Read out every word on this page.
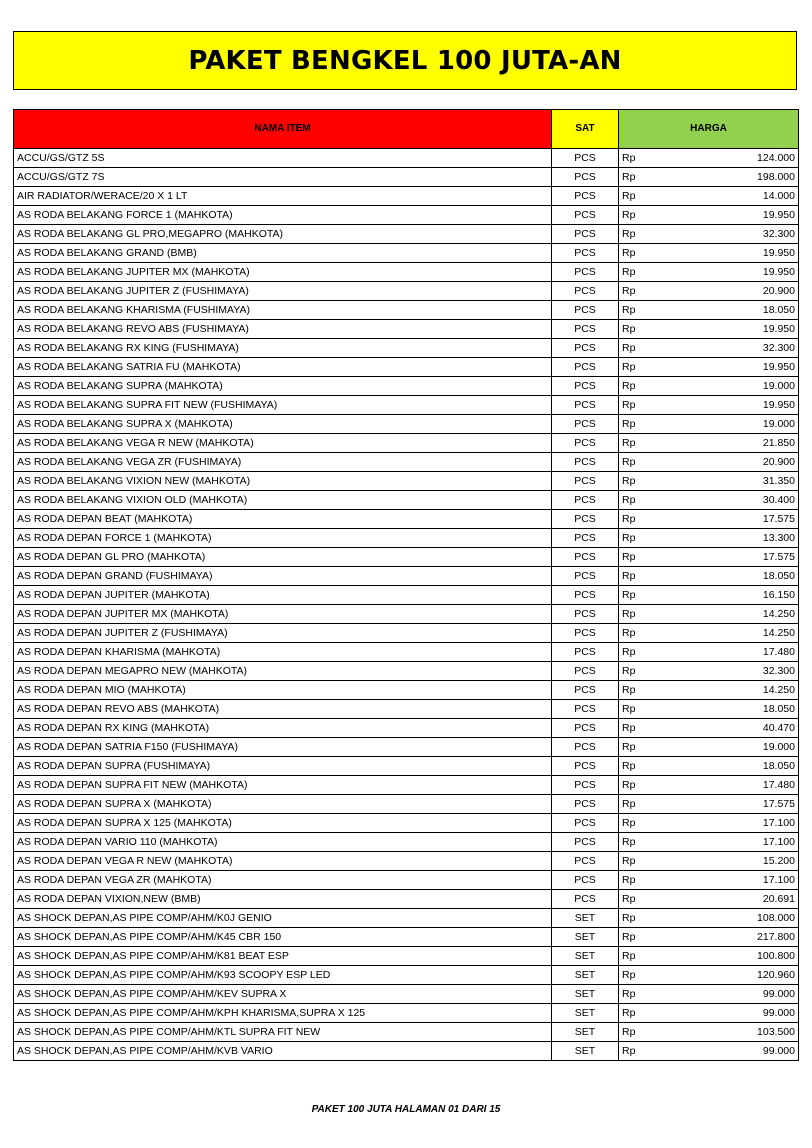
PAKET BENGKEL 100 JUTA-AN
NAMA ITEM	SAT	HARGA
ACCU/GS/GTZ 5S	PCS	Rp 124.000

ACCU/GS/GTZ 7S	PCS	Rp 198.000

AIR RADIATOR/WERACE/20 X 1 LT	PCS	Rp 14.000

AS RODA BELAKANG FORCE 1 (MAHKOTA)	PCS	Rp 19.950

AS RODA BELAKANG GL PRO,MEGAPRO (MAHKOTA)	PCS	Rp 32.300

AS RODA BELAKANG GRAND (BMB)	PCS	Rp 19.950

AS RODA BELAKANG JUPITER MX (MAHKOTA)	PCS	Rp 19.950

AS RODA BELAKANG JUPITER Z (FUSHIMAYA)	PCS	Rp 20.900

AS RODA BELAKANG KHARISMA (FUSHIMAYA)	PCS	Rp 18.050

AS RODA BELAKANG REVO ABS (FUSHIMAYA)	PCS	Rp 19.950

AS RODA BELAKANG RX KING (FUSHIMAYA)	PCS	Rp 32.300

AS RODA BELAKANG SATRIA FU (MAHKOTA)	PCS	Rp 19.950

AS RODA BELAKANG SUPRA (MAHKOTA)	PCS	Rp 19.000

AS RODA BELAKANG SUPRA FIT NEW (FUSHIMAYA)	PCS	Rp 19.950

AS RODA BELAKANG SUPRA X (MAHKOTA)	PCS	Rp 19.000

AS RODA BELAKANG VEGA R NEW (MAHKOTA)	PCS	Rp 21.850

AS RODA BELAKANG VEGA ZR (FUSHIMAYA)	PCS	Rp 20.900

AS RODA BELAKANG VIXION NEW (MAHKOTA)	PCS	Rp 31.350

AS RODA BELAKANG VIXION OLD (MAHKOTA)	PCS	Rp 30.400

AS RODA DEPAN BEAT (MAHKOTA)	PCS	Rp 17.575

AS RODA DEPAN FORCE 1 (MAHKOTA)	PCS	Rp 13.300

AS RODA DEPAN GL PRO (MAHKOTA)	PCS	Rp 17.575

AS RODA DEPAN GRAND (FUSHIMAYA)	PCS	Rp 18.050

AS RODA DEPAN JUPITER (MAHKOTA)	PCS	Rp 16.150

AS RODA DEPAN JUPITER MX (MAHKOTA)	PCS	Rp 14.250

AS RODA DEPAN JUPITER Z (FUSHIMAYA)	PCS	Rp 14.250

AS RODA DEPAN KHARISMA (MAHKOTA)	PCS	Rp 17.480

AS RODA DEPAN MEGAPRO NEW (MAHKOTA)	PCS	Rp 32.300

AS RODA DEPAN MIO (MAHKOTA)	PCS	Rp 14.250

AS RODA DEPAN REVO ABS (MAHKOTA)	PCS	Rp 18.050

AS RODA DEPAN RX KING (MAHKOTA)	PCS	Rp 40.470

AS RODA DEPAN SATRIA F150 (FUSHIMAYA)	PCS	Rp 19.000

AS RODA DEPAN SUPRA (FUSHIMAYA)	PCS	Rp 18.050

AS RODA DEPAN SUPRA FIT NEW (MAHKOTA)	PCS	Rp 17.480

AS RODA DEPAN SUPRA X (MAHKOTA)	PCS	Rp 17.575

AS RODA DEPAN SUPRA X 125 (MAHKOTA)	PCS	Rp 17.100

AS RODA DEPAN VARIO 110 (MAHKOTA)	PCS	Rp 17.100

AS RODA DEPAN VEGA R NEW (MAHKOTA)	PCS	Rp 15.200

AS RODA DEPAN VEGA ZR (MAHKOTA)	PCS	Rp 17.100

AS RODA DEPAN VIXION,NEW (BMB)	PCS	Rp 20.691

AS SHOCK DEPAN,AS PIPE COMP/AHM/K0J GENIO	SET	Rp 108.000

AS SHOCK DEPAN,AS PIPE COMP/AHM/K45 CBR 150	SET	Rp 217.800

AS SHOCK DEPAN,AS PIPE COMP/AHM/K81 BEAT ESP	SET	Rp 100.800

AS SHOCK DEPAN,AS PIPE COMP/AHM/K93 SCOOPY ESP LED	SET	Rp 120.960

AS SHOCK DEPAN,AS PIPE COMP/AHM/KEV SUPRA X	SET	Rp 99.000

AS SHOCK DEPAN,AS PIPE COMP/AHM/KPH KHARISMA,SUPRA X 125	SET	Rp 99.000

AS SHOCK DEPAN,AS PIPE COMP/AHM/KTL SUPRA FIT NEW	SET	Rp 103.500

AS SHOCK DEPAN,AS PIPE COMP/AHM/KVB VARIO	SET	Rp 99.000
PAKET 100 JUTA HALAMAN 01 DARI 15
